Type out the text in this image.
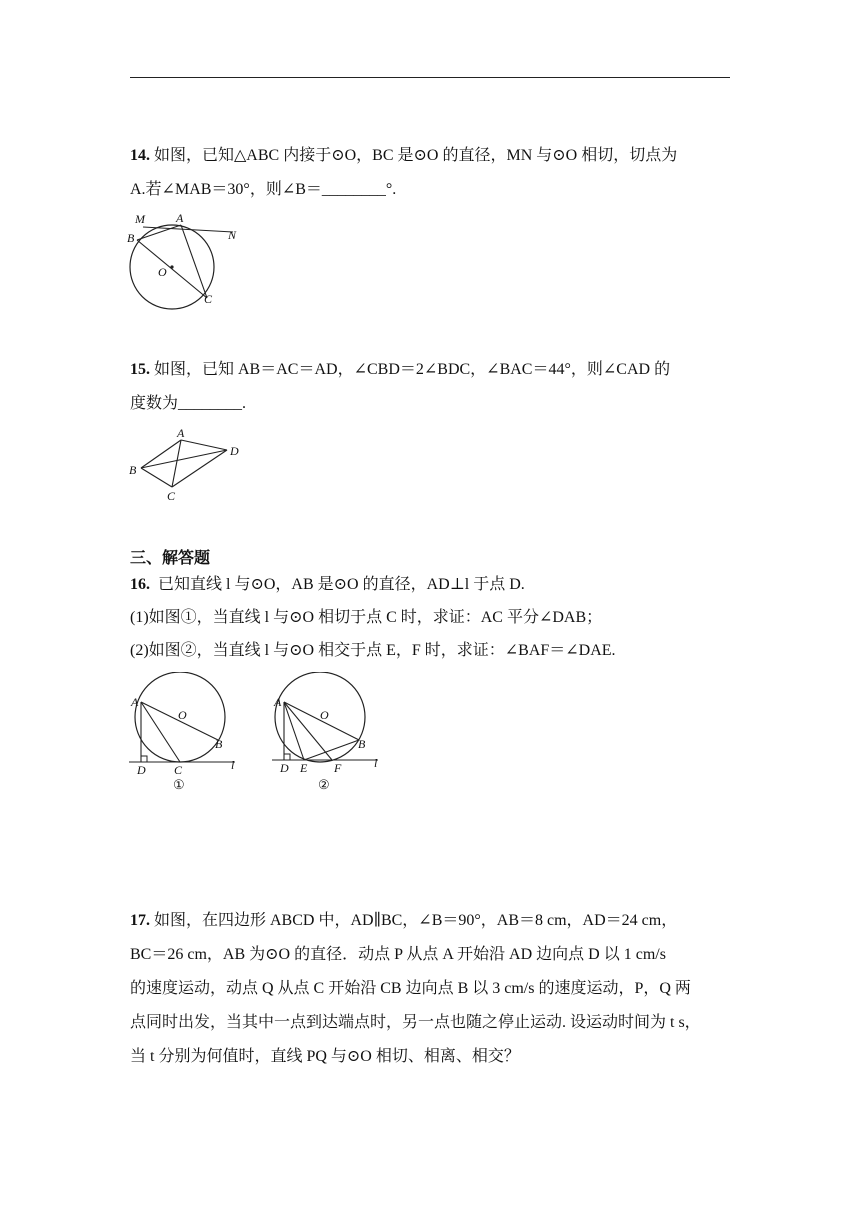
14. 如图，已知△ABC 内接于⊙O，BC 是⊙O 的直径，MN 与⊙O 相切，切点为
A.若∠MAB＝30°，则∠B＝________°.
M	A
N
B
O
C
15. 如图，已知 AB＝AC＝AD，∠CBD＝2∠BDC，∠BAC＝44°，则∠CAD 的
度数为________.
A
B
C
D
三、解答题
16. 已知直线 l 与⊙O，AB 是⊙O 的直径，AD⊥l 于点 D.
(1)如图①，当直线 l 与⊙O 相切于点 C 时，求证：AC 平分∠DAB；
(2)如图②，当直线 l 与⊙O 相交于点 E，F 时，求证：∠BAF＝∠DAE.
A
O
B
D C	l
①
A
O
B
D E F	l
②
17. 如图，在四边形 ABCD 中，AD∥BC，∠B＝90°，AB＝8 cm，AD＝24 cm，
BC＝26 cm，AB 为⊙O 的直径．动点 P 从点 A 开始沿 AD 边向点 D 以 1 cm/s
的速度运动，动点 Q 从点 C 开始沿 CB 边向点 B 以 3 cm/s 的速度运动，P，Q 两
点同时出发，当其中一点到达端点时，另一点也随之停止运动. 设运动时间为 t s，
当 t 分别为何值时，直线 PQ 与⊙O 相切、相离、相交？
